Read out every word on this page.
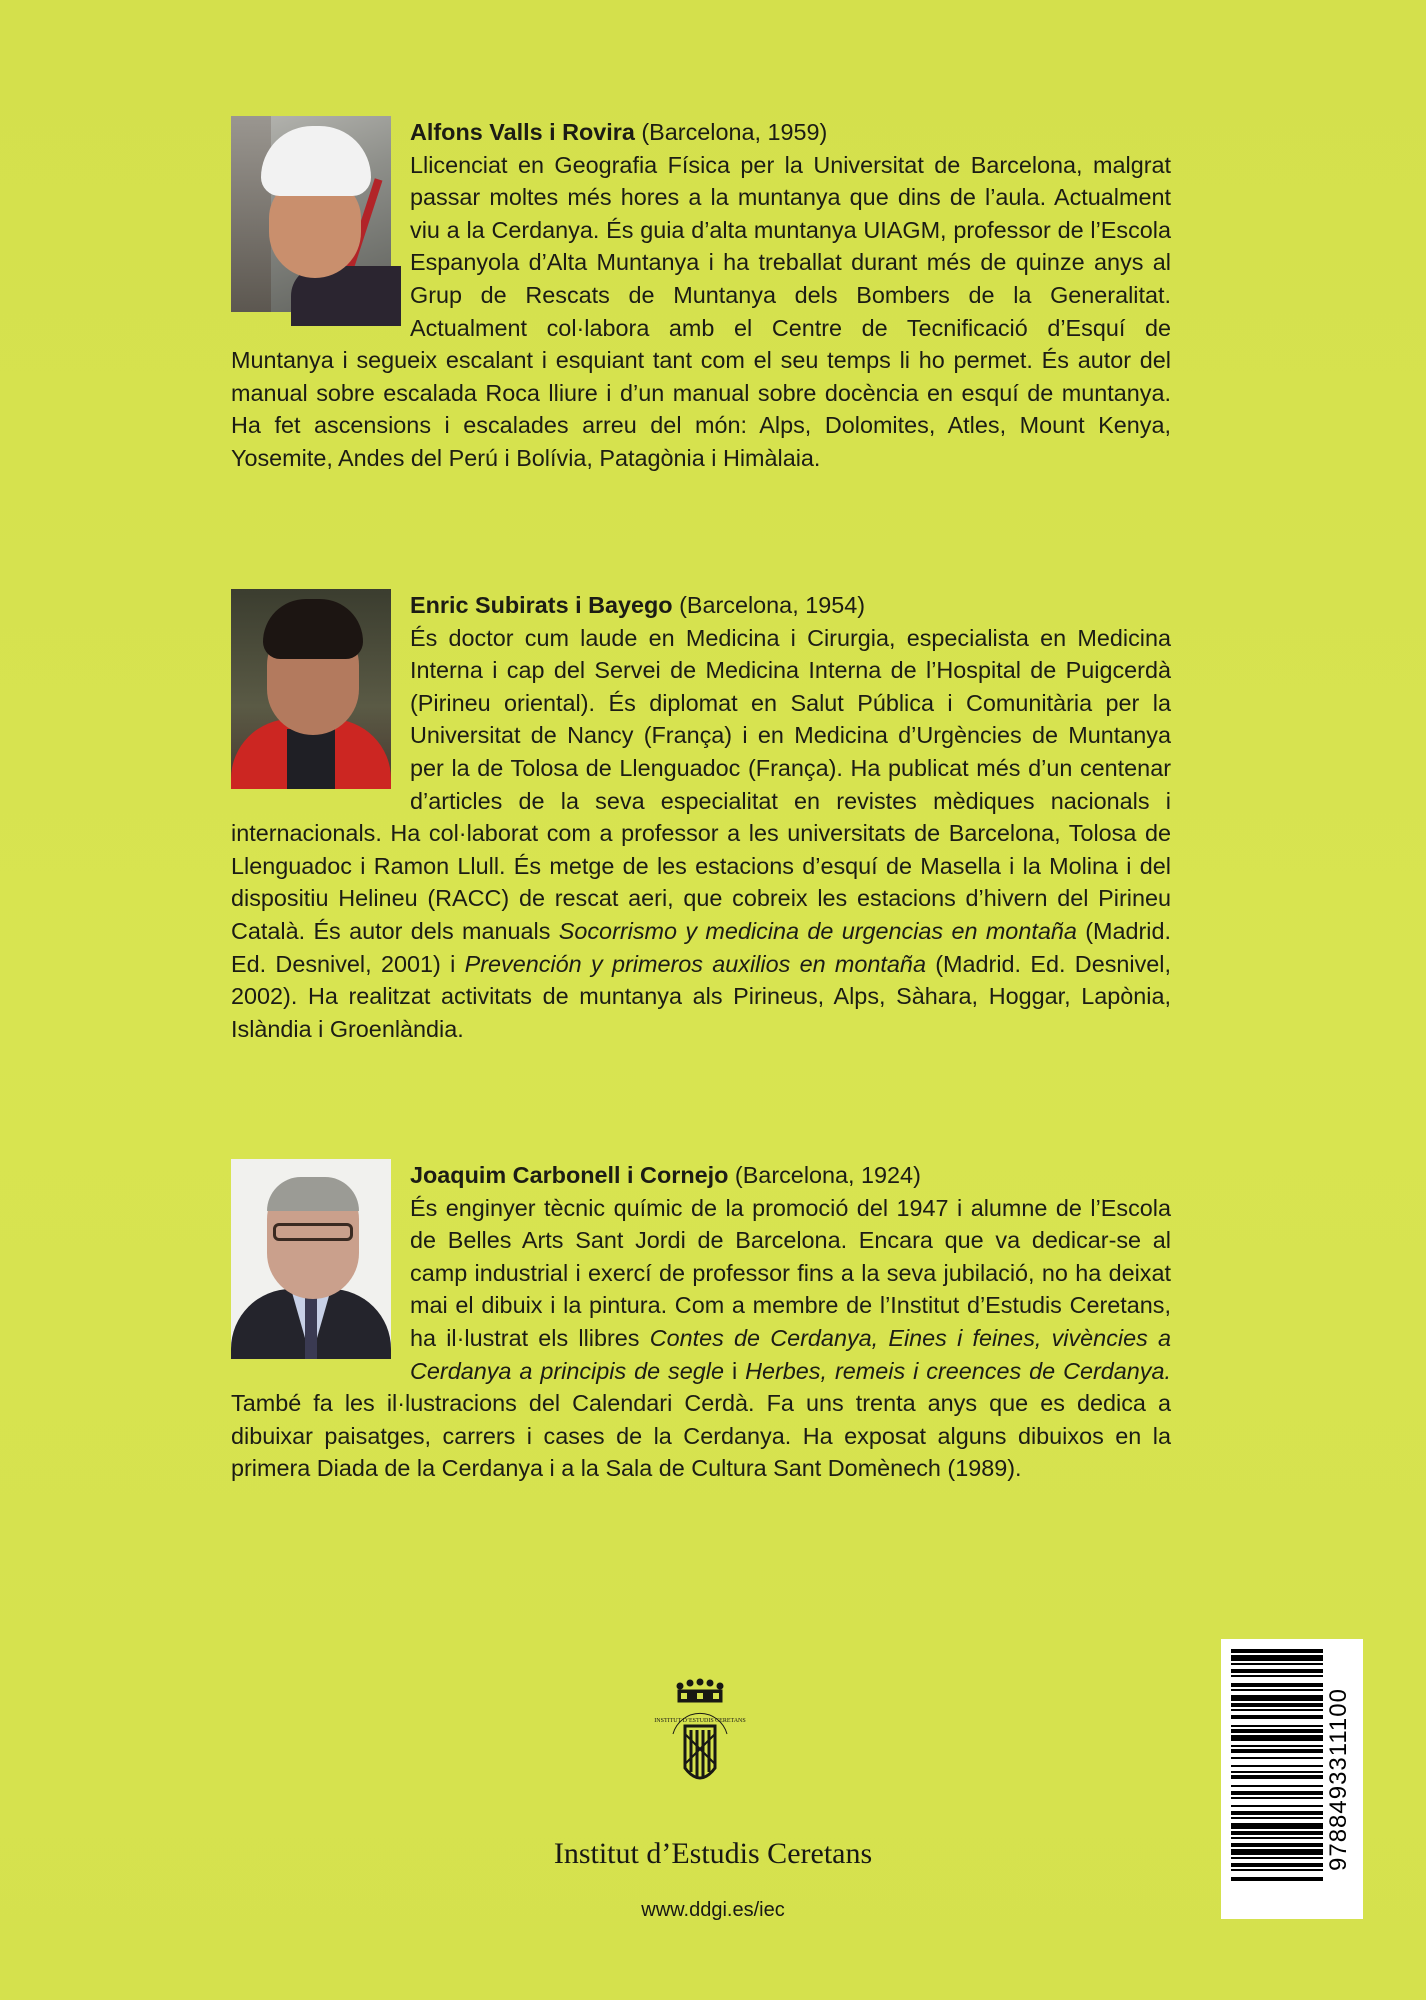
Alfons Valls i Rovira (Barcelona, 1959)
Llicenciat en Geografia Física per la Universitat de Barcelona, malgrat passar moltes més hores a la muntanya que dins de l’aula. Actualment viu a la Cerdanya. És guia d’alta muntanya UIAGM, professor de l’Escola Espanyola d’Alta Muntanya i ha treballat durant més de quinze anys al Grup de Rescats de Muntanya dels Bombers de la Generalitat. Actualment col·labora amb el Centre de Tecnificació d’Esquí de Muntanya i segueix escalant i esquiant tant com el seu temps li ho permet. És autor del manual sobre escalada Roca lliure i d’un manual sobre docència en esquí de muntanya. Ha fet ascensions i escalades arreu del món: Alps, Dolomites, Atles, Mount Kenya, Yosemite, Andes del Perú i Bolívia, Patagònia i Himàlaia.
Enric Subirats i Bayego (Barcelona, 1954)
És doctor cum laude en Medicina i Cirurgia, especialista en Medicina Interna i cap del Servei de Medicina Interna de l’Hospital de Puigcerdà (Pirineu oriental). És diplomat en Salut Pública i Comunitària per la Universitat de Nancy (França) i en Medicina d’Urgències de Muntanya per la de Tolosa de Llenguadoc (França). Ha publicat més d’un centenar d’articles de la seva especialitat en revistes mèdiques nacionals i internacionals. Ha col·laborat com a professor a les universitats de Barcelona, Tolosa de Llenguadoc i Ramon Llull. És metge de les estacions d’esquí de Masella i la Molina i del dispositiu Helineu (RACC) de rescat aeri, que cobreix les estacions d’hivern del Pirineu Català. És autor dels manuals Socorrismo y medicina de urgencias en montaña (Madrid. Ed. Desnivel, 2001) i Prevención y primeros auxilios en montaña (Madrid. Ed. Desnivel, 2002). Ha realitzat activitats de muntanya als Pirineus, Alps, Sàhara, Hoggar, Lapònia, Islàndia i Groenlàndia.
Joaquim Carbonell i Cornejo (Barcelona, 1924)
És enginyer tècnic químic de la promoció del 1947 i alumne de l’Escola de Belles Arts Sant Jordi de Barcelona. Encara que va dedicar-se al camp industrial i exercí de professor fins a la seva jubilació, no ha deixat mai el dibuix i la pintura. Com a membre de l’Institut d’Estudis Ceretans, ha il·lustrat els llibres Contes de Cerdanya, Eines i feines, vivències a Cerdanya a principis de segle i Herbes, remeis i creences de Cerdanya. També fa les il·lustracions del Calendari Cerdà. Fa uns trenta anys que es dedica a dibuixar paisatges, carrers i cases de la Cerdanya. Ha exposat alguns dibuixos en la primera Diada de la Cerdanya i a la Sala de Cultura Sant Domènech (1989).
INSTITUT D’ESTUDIS CERETANS
Institut d’Estudis Ceretans
www.ddgi.es/iec
9788493311100
